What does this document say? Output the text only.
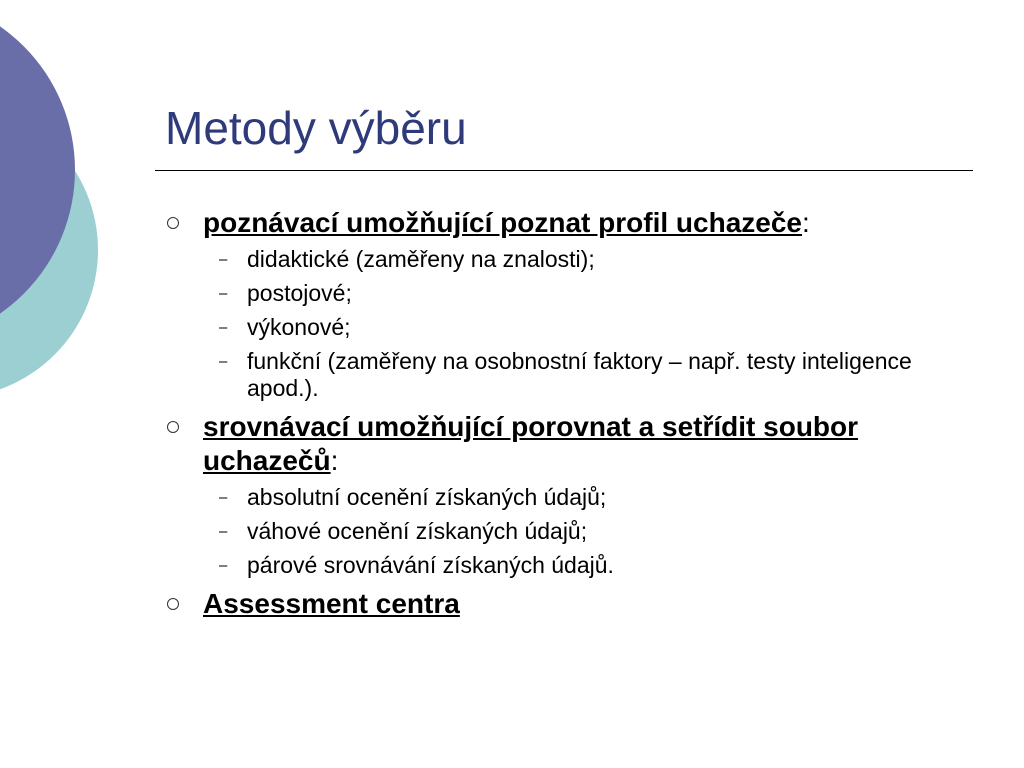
Metody výběru
poznávací umožňující poznat profil uchazeče:
– didaktické (zaměřeny na znalosti);
– postojové;
– výkonové;
– funkční (zaměřeny na osobnostní faktory – např. testy inteligence apod.).
srovnávací umožňující porovnat a setřídit soubor uchazečů:
– absolutní ocenění získaných údajů;
– váhové ocenění získaných údajů;
– párové srovnávání získaných údajů.
Assessment centra
